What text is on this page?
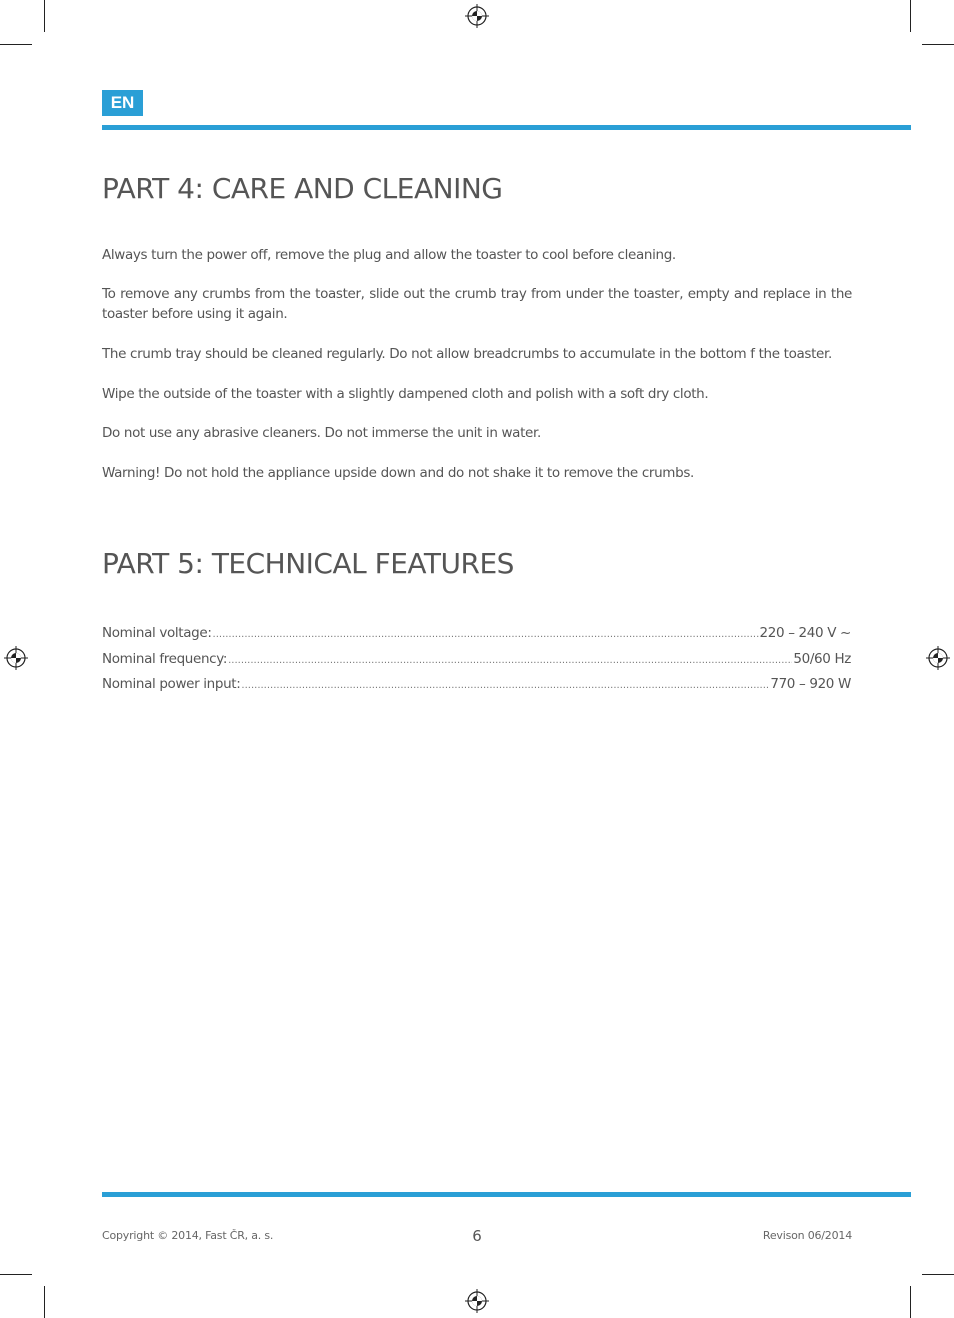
EN
PART 4: CARE AND CLEANING

Always turn the power off, remove the plug and allow the toaster to cool before cleaning.

To remove any crumbs from the toaster, slide out the crumb tray from under the toaster, empty and replace in the toaster before using it again.

The crumb tray should be cleaned regularly. Do not allow breadcrumbs to accumulate in the bottom f the toaster.

Wipe the outside of the toaster with a slightly dampened cloth and polish with a soft dry cloth.

Do not use any abrasive cleaners. Do not immerse the unit in water.

Warning! Do not hold the appliance upside down and do not shake it to remove the crumbs.

PART 5: TECHNICAL FEATURES
Nominal voltage: .....	220 – 240 V ~
Nominal frequency: .....	50/60 Hz
Nominal power input: .....	770 – 920 W
Copyright © 2014, Fast ČR, a. s.	6	Revison 06/2014
